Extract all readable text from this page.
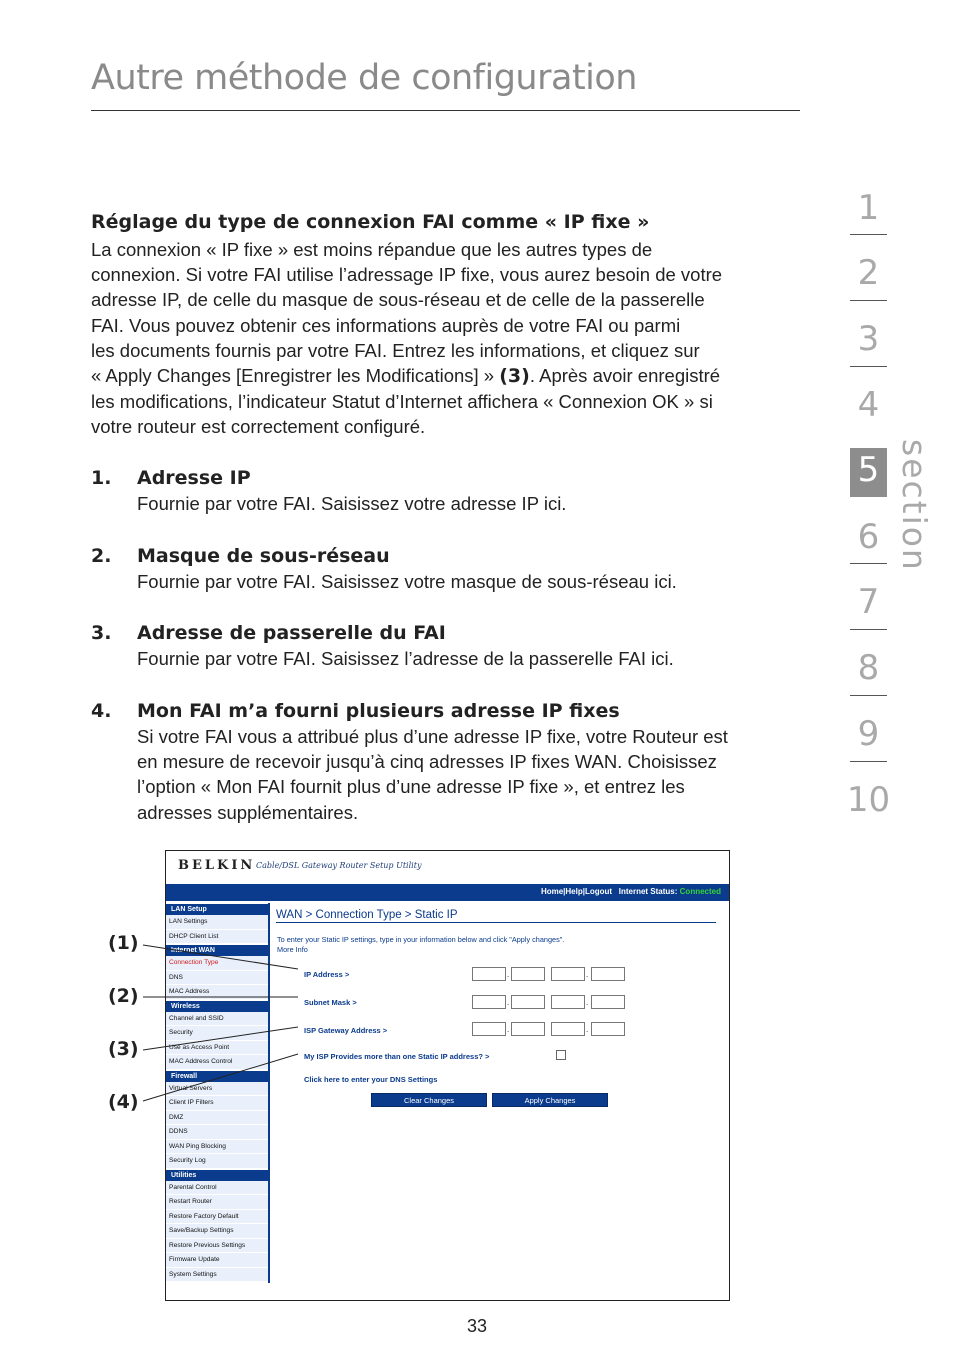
Autre méthode de configuration
Réglage du type de connexion FAI comme « IP fixe »
La connexion « IP fixe » est moins répandue que les autres types de
connexion. Si votre FAI utilise l’adressage IP fixe, vous aurez besoin de votre
adresse IP, de celle du masque de sous-réseau et de celle de la passerelle
FAI. Vous pouvez obtenir ces informations auprès de votre FAI ou parmi
les documents fournis par votre FAI. Entrez les informations, et cliquez sur
« Apply Changes [Enregistrer les Modifications] » (3). Après avoir enregistré
les modifications, l’indicateur Statut d’Internet affichera « Connexion OK » si
votre routeur est correctement configuré.
1. Adresse IP
Fournie par votre FAI. Saisissez votre adresse IP ici.
2. Masque de sous-réseau
Fournie par votre FAI. Saisissez votre masque de sous-réseau ici.
3. Adresse de passerelle du FAI
Fournie par votre FAI. Saisissez l’adresse de la passerelle FAI ici.
4. Mon FAI m’a fourni plusieurs adresse IP fixes
Si votre FAI vous a attribué plus d’une adresse IP fixe, votre Routeur est
en mesure de recevoir jusqu’à cinq adresses IP fixes WAN. Choisissez
l’option « Mon FAI fournit plus d’une adresse IP fixe », et entrez les
adresses supplémentaires.
1
2
3
4
5
6
7
8
9
10
section
BELKIN Cable/DSL Gateway Router Setup Utility
Home|Help|Logout Internet Status: Connected
LAN Setup
LAN Settings
DHCP Client List
Internet WAN
Connection Type
DNS
MAC Address
Wireless
Channel and SSID
Security
Use as Access Point
MAC Address Control
Firewall
Virtual Servers
Client IP Filters
DMZ
DDNS
WAN Ping Blocking
Security Log
Utilities
Parental Control
Restart Router
Restore Factory Default
Save/Backup Settings
Restore Previous Settings
Firmware Update
System Settings
WAN > Connection Type > Static IP
To enter your Static IP settings, type in your information below and click "Apply changes".
More Info
IP Address >	.	.
Subnet Mask >	.	.
ISP Gateway Address >	.	.
My ISP Provides more than one Static IP address? >
Click here to enter your DNS Settings
Clear Changes	Apply Changes
(1)
(2)
(3)
(4)
33
